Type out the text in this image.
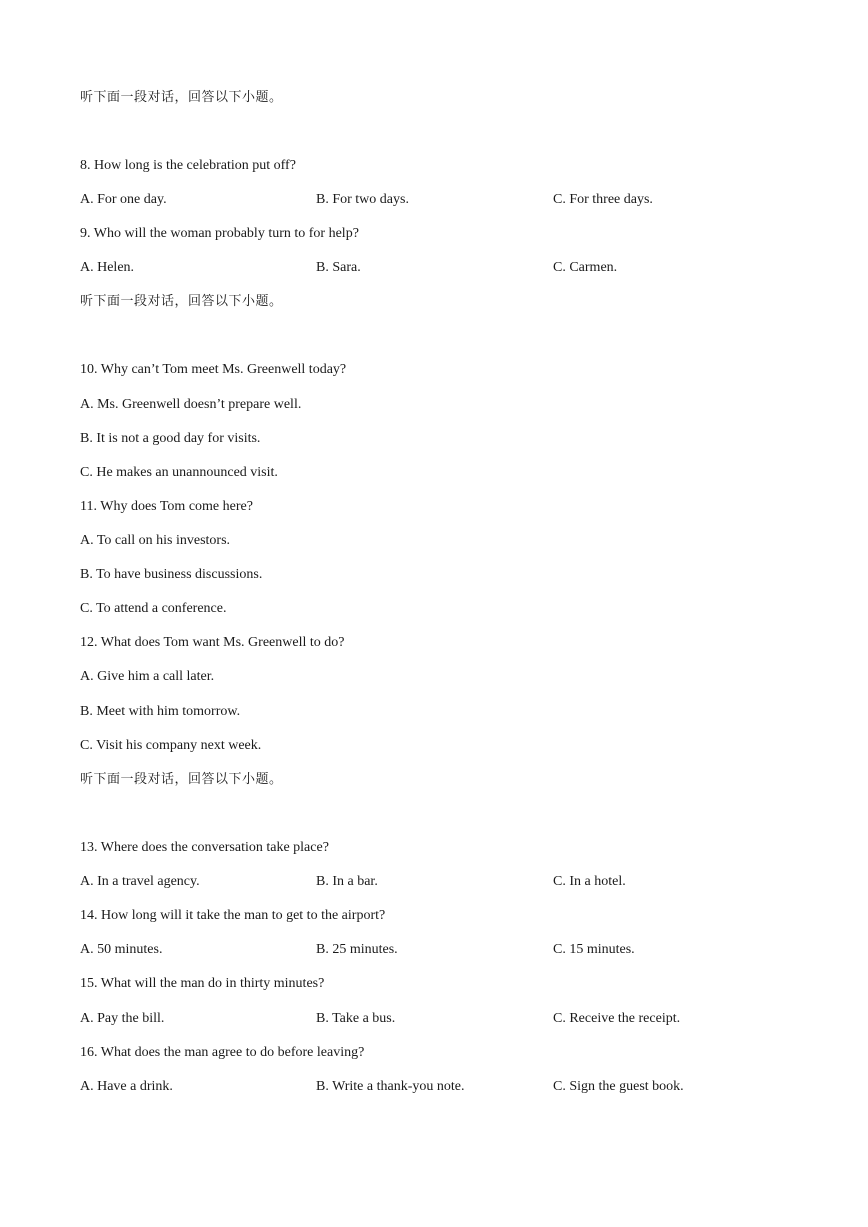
听下面一段对话，回答以下小题。
8. How long is the celebration put off?
A. For one day.	B. For two days.	C. For three days.
9. Who will the woman probably turn to for help?
A. Helen.	B. Sara.	C. Carmen.
听下面一段对话，回答以下小题。
10. Why can’t Tom meet Ms. Greenwell today?
A. Ms. Greenwell doesn’t prepare well.
B. It is not a good day for visits.
C. He makes an unannounced visit.
11. Why does Tom come here?
A. To call on his investors.
B. To have business discussions.
C. To attend a conference.
12. What does Tom want Ms. Greenwell to do?
A. Give him a call later.
B. Meet with him tomorrow.
C. Visit his company next week.
听下面一段对话，回答以下小题。
13. Where does the conversation take place?
A. In a travel agency.	B. In a bar.	C. In a hotel.
14. How long will it take the man to get to the airport?
A. 50 minutes.	B. 25 minutes.	C. 15 minutes.
15. What will the man do in thirty minutes?
A. Pay the bill.	B. Take a bus.	C. Receive the receipt.
16. What does the man agree to do before leaving?
A. Have a drink.	B. Write a thank-you note.	C. Sign the guest book.
